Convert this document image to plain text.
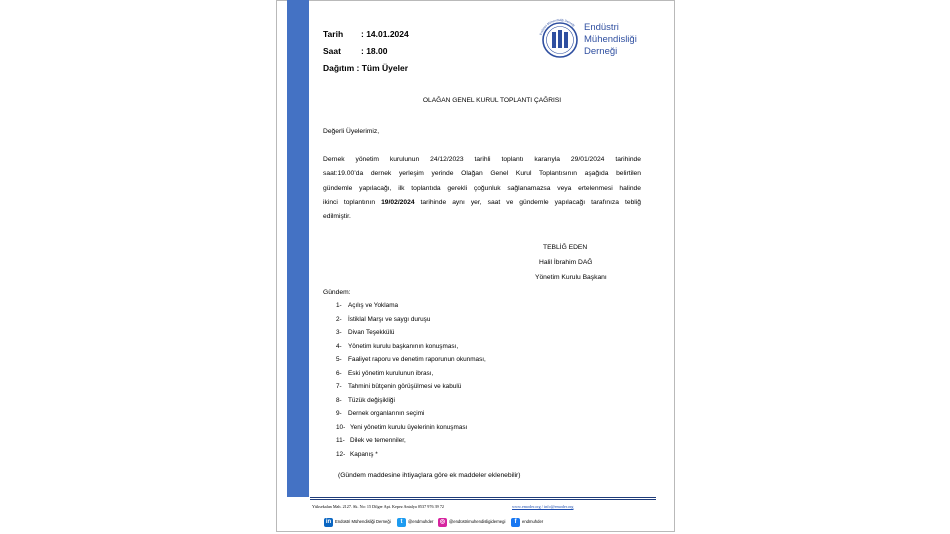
Tarih : 14.01.2024
Saat : 18.00
Dağıtım : Tüm Üyeler
Endüstri Mühendisliği Derneği Endüstri
Mühendisliği
Derneği
OLAĞAN GENEL KURUL TOPLANTI ÇAĞRISI
Değerli Üyelerimiz,
Dernek yönetim kurulunun 24/12/2023 tarihli toplantı kararıyla 29/01/2024 tarihinde
saat:19.00’da dernek yerleşim yerinde Olağan Genel Kurul Toplantısının aşağıda belirtilen
gündemle yapılacağı, ilk toplantıda gerekli çoğunluk sağlanamazsa veya ertelenmesi halinde
ikinci toplantının 19/02/2024 tarihinde aynı yer, saat ve gündemle yapılacağı tarafınıza tebliğ
edilmiştir.
TEBLİĞ EDEN
Halil İbrahim DAĞ
Yönetim Kurulu Başkanı
Gündem:
1- Açılış ve Yoklama
2- İstiklal Marşı ve saygı duruşu
3- Divan Teşekkülü
4- Yönetim kurulu başkanının konuşması,
5- Faaliyet raporu ve denetim raporunun okunması,
6- Eski yönetim kurulunun ibrası,
7- Tahmini bütçenin görüşülmesi ve kabulü
8- Tüzük değişikliği
9- Dernek organlarının seçimi
10- Yeni yönetim kurulu üyelerinin konuşması
11- Dilek ve temenniler,
12- Kapanış *
(Gündem maddesine ihtiyaçlara göre ek maddeler eklenebilir)
Yüksekalan Mah. 2127. Sk. No: 15 Dilger Apt. Kepez Antalya 0537 976 39 72	www.emoder.org / info@emoder.org
in Endüstri Mühendisliği Derneği	t	@endmuhder	◎ @endüstrimuhendisligidernegi	f	endmuhder
